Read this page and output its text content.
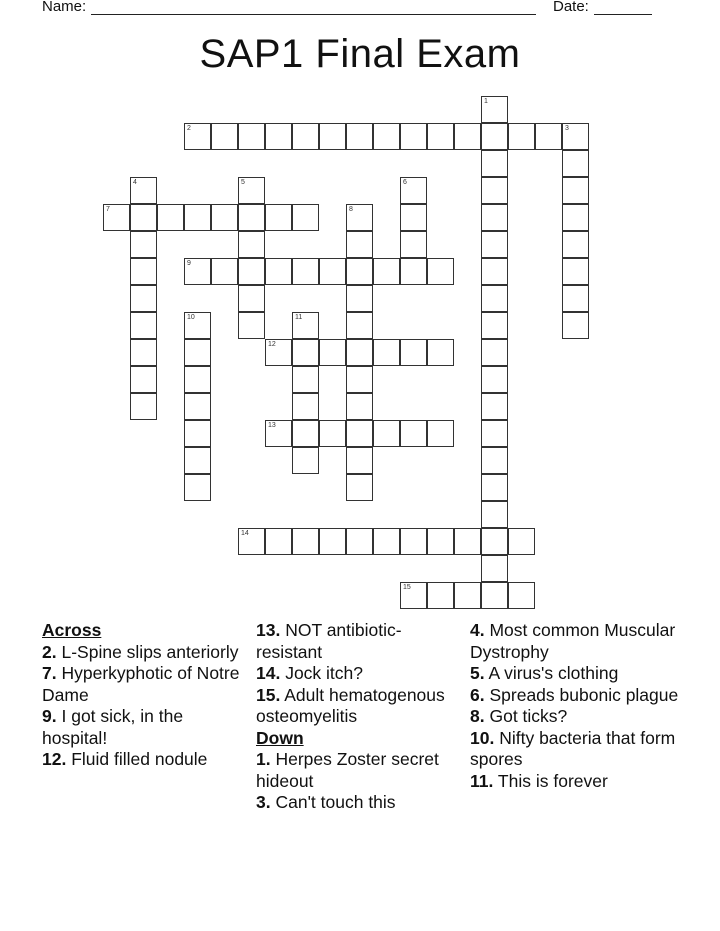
Name:	Date:
SAP1 Final Exam
1
2	3
4	5	6
7	8
9
10	11
12
13
14
15
Across
2. L-Spine slips anteriorly
7. Hyperkyphotic of Notre Dame
9. I got sick, in the hospital!
12. Fluid filled nodule
13. NOT antibiotic-resistant
14. Jock itch?
15. Adult hematogenous osteomyelitis
Down
1. Herpes Zoster secret hideout
3. Can't touch this
4. Most common Muscular Dystrophy
5. A virus's clothing
6. Spreads bubonic plague
8. Got ticks?
10. Nifty bacteria that form spores
11. This is forever
